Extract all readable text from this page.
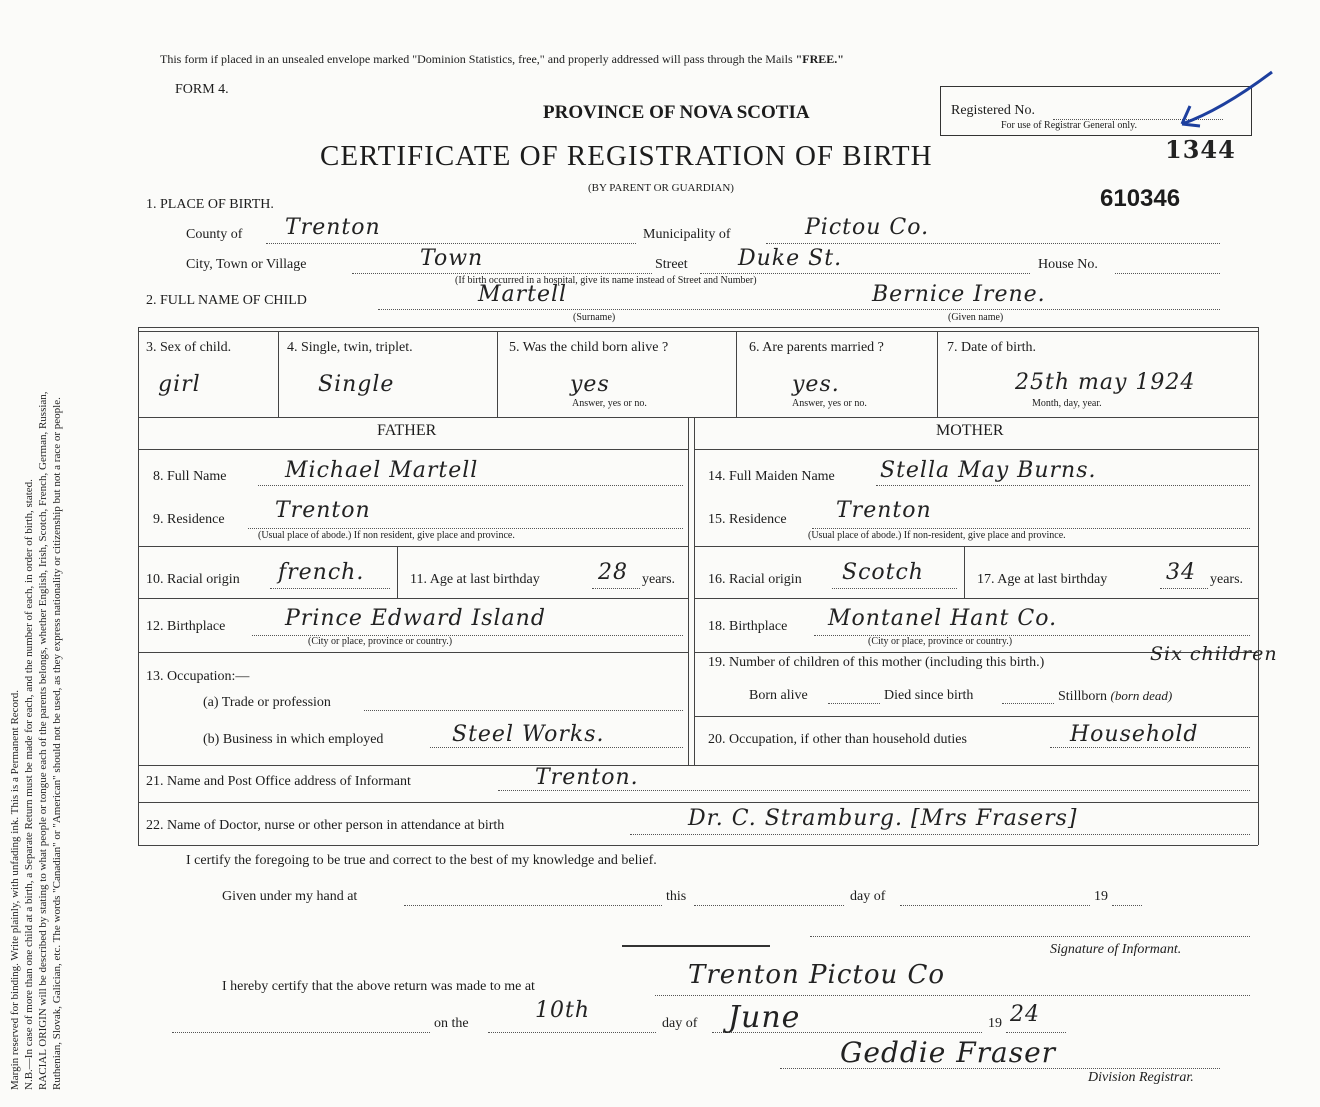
Margin reserved for binding. Write plainly, with unfading ink. This is a Permanent Record. N.B.—In case of more than one child at a birth, a Separate Return must be made for each, and the number of each, in order of birth, stated. RACIAL ORIGIN will be described by stating to what people or tongue each of the parents belongs, whether English, Irish, Scotch, French, German, Russian, Ruthenian, Slovak, Galician, etc. The words "Canadian" or "American" should not be used, as they express nationality or citizenship but not a race or people.
This form if placed in an unsealed envelope marked "Dominion Statistics, free," and properly addressed will pass through the Mails "FREE."
FORM 4.
PROVINCE OF NOVA SCOTIA
CERTIFICATE OF REGISTRATION OF BIRTH
(BY PARENT OR GUARDIAN)
Registered No.
For use of Registrar General only.
1344
610346
1. PLACE OF BIRTH.
County of Trenton	Municipality of	Pictou Co.
City, Town or Village	Town	Street Duke St.	House No.
(If birth occurred in a hospital, give its name instead of Street and Number)
2. FULL NAME OF CHILD	Martell
(Surname)
Bernice Irene.
(Given name)
3. Sex of child.
girl
4. Single, twin, triplet.
Single
5. Was the child born alive ?
yes
Answer, yes or no.
6. Are parents married ?
yes.
Answer, yes or no.
7. Date of birth.
25th may 1924
Month, day, year.
FATHER	MOTHER
8. Full Name	Michael Martell
9. Residence Trenton
(Usual place of abode.) If non resident, give place and province.
10. Racial origin french.	11. Age at last birthday	28 years.
12. Birthplace	Prince Edward Island
(City or place, province or country.)
13. Occupation:—
(a) Trade or profession
(b) Business in which employed	Steel Works.
14. Full Maiden Name Stella May Burns.
15. Residence Trenton
(Usual place of abode.) If non-resident, give place and province.
16. Racial origin Scotch	17. Age at last birthday	34 years.
18. Birthplace Montanel Hant Co.
(City or place, province or country.)
19. Number of children of this mother (including this birth.)	Six children
Born alive	Died since birth	Stillborn (born dead)
20. Occupation, if other than household duties	Household
21. Name and Post Office address of Informant	Trenton.
22. Name of Doctor, nurse or other person in attendance at birth	Dr. C. Stramburg. [Mrs Frasers]
I certify the foregoing to be true and correct to the best of my knowledge and belief.
Given under my hand at	this	day of	19
Signature of Informant.
I hereby certify that the above return was made to me at	Trenton Pictou Co
on the
10th
day of June	19 24
Geddie Fraser
Division Registrar.
